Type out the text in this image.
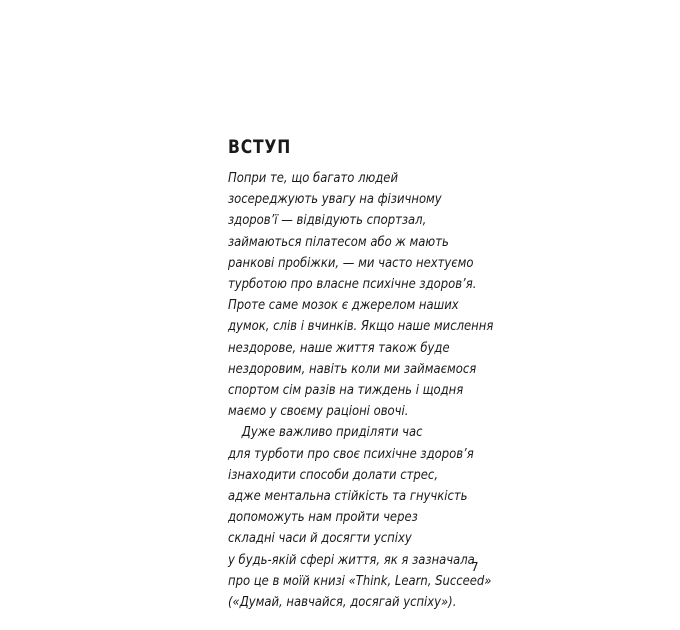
ВСТУП
Попри те, що багато людей
зосереджують увагу на фізичному
здоров’ї — відвідують спортзал,
займаються пілатесом або ж мають
ранкові пробіжки, — ми часто нехтуємо
турботою про власне психічне здоров’я.
Проте саме мозок є джерелом наших
думок, слів і вчинків. Якщо наше мислення
нездорове, наше життя також буде
нездоровим, навіть коли ми займаємося
спортом сім разів на тиждень і щодня
маємо у своєму раціоні овочі.
Дуже важливо приділяти час
для турботи про своє психічне здоров’я
ізнаходити способи долати стрес,
адже ментальна стійкість та гнучкість
допоможуть нам пройти через
складні часи й досягти успіху
у будь-якій сфері життя, як я зазначала
про це в моїй книзі «Think, Learn, Succeed»
(«Думай, навчайся, досягай успіху»).
7
